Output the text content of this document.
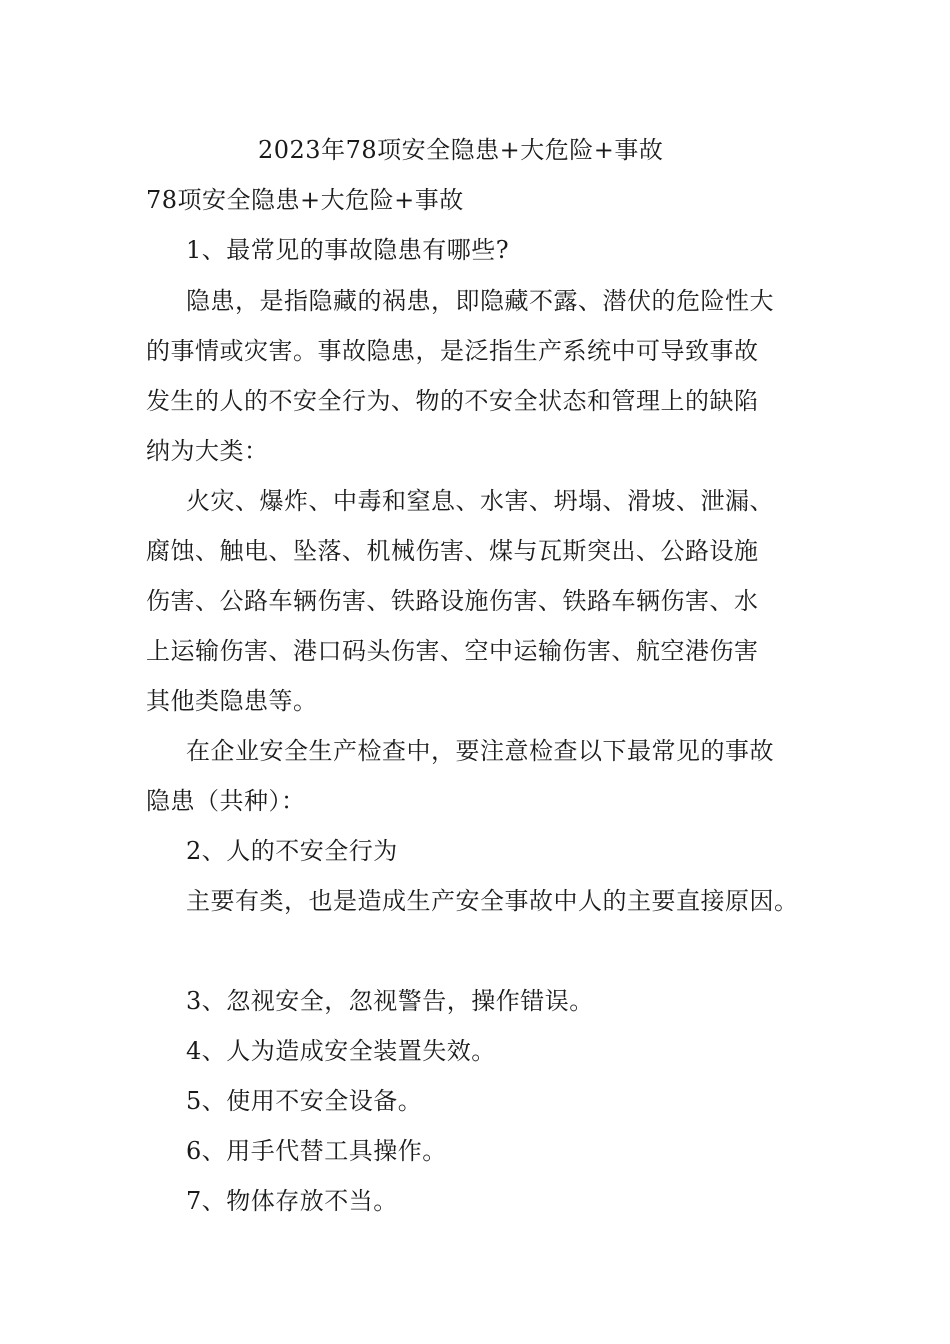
2023年78项安全隐患+大危险+事故
78项安全隐患+大危险+事故
1、最常见的事故隐患有哪些?
隐患，是指隐藏的祸患，即隐藏不露、潜伏的危险性大
的事情或灾害。事故隐患，是泛指生产系统中可导致事故
发生的人的不安全行为、物的不安全状态和管理上的缺陷
纳为大类：
火灾、爆炸、中毒和窒息、水害、坍塌、滑坡、泄漏、
腐蚀、触电、坠落、机械伤害、煤与瓦斯突出、公路设施
伤害、公路车辆伤害、铁路设施伤害、铁路车辆伤害、水
上运输伤害、港口码头伤害、空中运输伤害、航空港伤害
其他类隐患等。
在企业安全生产检查中，要注意检查以下最常见的事故
隐患（共种）：
2、人的不安全行为
主要有类，也是造成生产安全事故中人的主要直接原因。
3、忽视安全，忽视警告，操作错误。
4、人为造成安全装置失效。
5、使用不安全设备。
6、用手代替工具操作。
7、物体存放不当。
